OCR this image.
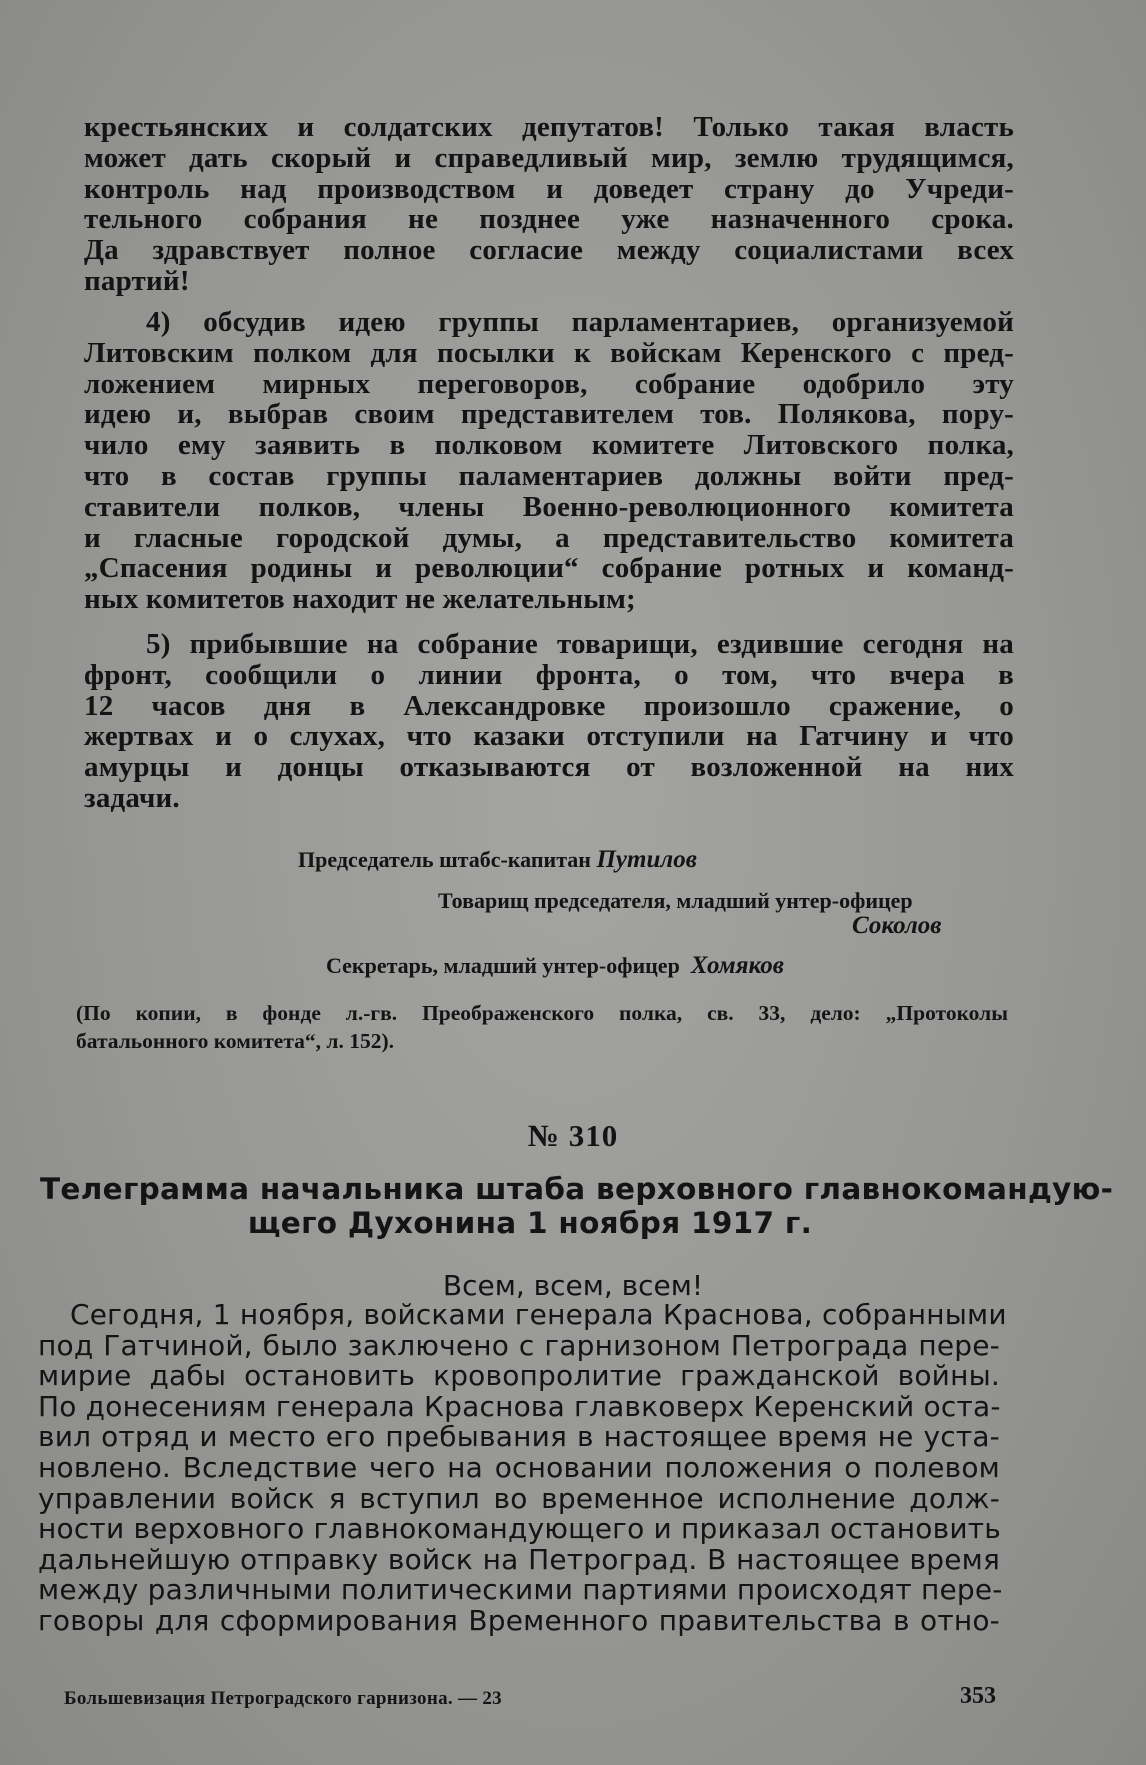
крестьянских и солдатских депутатов! Только такая власть

может дать скорый и справедливый мир, землю трудящимся,

контроль над производством и доведет страну до Учреди-

тельного собрания не позднее уже назначенного срока.

Да здравствует полное согласие между социалистами всех

партий!

4) обсудив идею группы парламентариев, организуемой

Литовским полком для посылки к войскам Керенского с пред-

ложением мирных переговоров, собрание одобрило эту

идею и, выбрав своим представителем тов. Полякова, пору-

чило ему заявить в полковом комитете Литовского полка,

что в состав группы паламентариев должны войти пред-

ставители полков, члены Военно-революционного комитета

и гласные городской думы, а представительство комитета

„Спасения родины и революции“ собрание ротных и команд-

ных комитетов находит не желательным;

5) прибывшие на собрание товарищи, ездившие сегодня на

фронт, сообщили о линии фронта, о том, что вчера в

12 часов дня в Александровке произошло сражение, о

жертвах и о слухах, что казаки отступили на Гатчину и что

амурцы и донцы отказываются от возложенной на них

задачи.

Председатель штабс-капитан Путилов
Товарищ председателя, младший унтер-офицер
Соколов
Секретарь, младший унтер-офицер Хомяков

(По копии, в фонде л.-гв. Преображенского полка, св. 33, дело: „Протоколы

батальонного комитета“, л. 152).

№ 310

Телеграмма начальника штаба верховного главнокомандую-

щего Духонина 1 ноября 1917 г.

Всем, всем, всем!

Сегодня, 1 ноября, войсками генерала Краснова, собранными

под Гатчиной, было заключено с гарнизоном Петрограда пере-

мирие дабы остановить кровопролитие гражданской войны.

По донесениям генерала Краснова главковерх Керенский оста-

вил отряд и место его пребывания в настоящее время не уста-

новлено. Вследствие чего на основании положения о полевом

управлении войск я вступил во временное исполнение долж-

ности верховного главнокомандующего и приказал остановить

дальнейшую отправку войск на Петроград. В настоящее время

между различными политическими партиями происходят пере-

говоры для сформирования Временного правительства в отно-

Большевизация Петроградского гарнизона. — 23	353
